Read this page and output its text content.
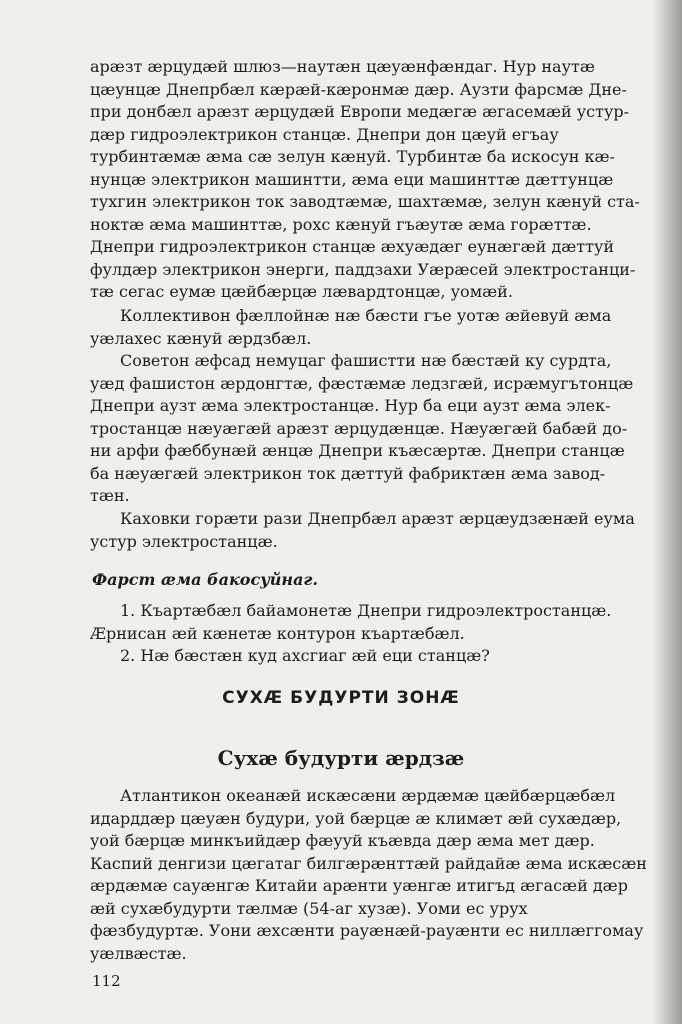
арæзт æрцудæй шлюз—наутæн цæуæнфæндаг. Нур наутæ
цæунцæ Днепрбæл кæрæй-кæронмæ дæр. Аузти фарсмæ Дне-
при донбæл арæзт æрцудæй Европи медæгæ æгасемæй устур-
дæр гидроэлектрикон станцæ. Днепри дон цæуй егъау
турбинтæмæ æма сæ зелун кæнуй. Турбинтæ ба искосун кæ-
нунцæ электрикон машинтти, æма еци машинттæ дæттунцæ
тухгин электрикон ток заводтæмæ, шахтæмæ, зелун кæнуй ста-
ноктæ æма машинттæ, рохс кæнуй гъæутæ æма горæттæ.
Днепри гидроэлектрикон станцæ æхуæдæг еунæгæй дæттуй
фулдæр электрикон энерги, паддзахи Уæрæсей электростанци-
тæ сегас еумæ цæйбæрцæ лæвардтонцæ, уомæй.
Коллективон фæллойнæ нæ бæсти гъе уотæ æйевуй æма
уæлахес кæнуй æрдзбæл.
Советон æфсад немуцаг фашистти нæ бæстæй ку сурдта,
уæд фашистон æрдонгтæ, фæстæмæ ледзгæй, исрæмугътонцæ
Днепри аузт æма электростанцæ. Нур ба еци аузт æма элек-
тростанцæ нæуæгæй арæзт æрцудæнцæ. Нæуæгæй бабæй до-
ни арфи фæббунæй æнцæ Днепри къæсæртæ. Днепри станцæ
ба нæуæгæй электрикон ток дæттуй фабриктæн æма завод-
тæн.
Каховки горæти рази Днепрбæл арæзт æрцæудзæнæй еума
устур электростанцæ.
Фарст æма бакосуйнаг.
1. Къартæбæл байамонетæ Днепри гидроэлектростанцæ.
Æрнисан æй кæнетæ контурон къартæбæл.
2. Нæ бæстæн куд ахсгиаг æй еци станцæ?
СУХÆ БУДУРТИ ЗОНÆ
Сухæ будурти æрдзæ
Атлантикон океанæй искæсæни æрдæмæ цæйбæрцæбæл
идарддæр цæуæн будури, уой бæрцæ æ климæт æй сухæдæр,
уой бæрцæ минкъийдæр фæууй къæвда дæр æма мет дæр.
Каспий денгизи цæгатаг билгæрæнттæй райдайæ æма искæсæн
æрдæмæ сауæнгæ Китайи арæнти уæнгæ итигъд æгасæй дæр
æй сухæбудурти тæлмæ (54-аг хузæ). Уоми ес урух
фæзбудуртæ. Уони æхсæнти рауæнæй-рауæнти ес ниллæггомау
уæлвæстæ.
112
